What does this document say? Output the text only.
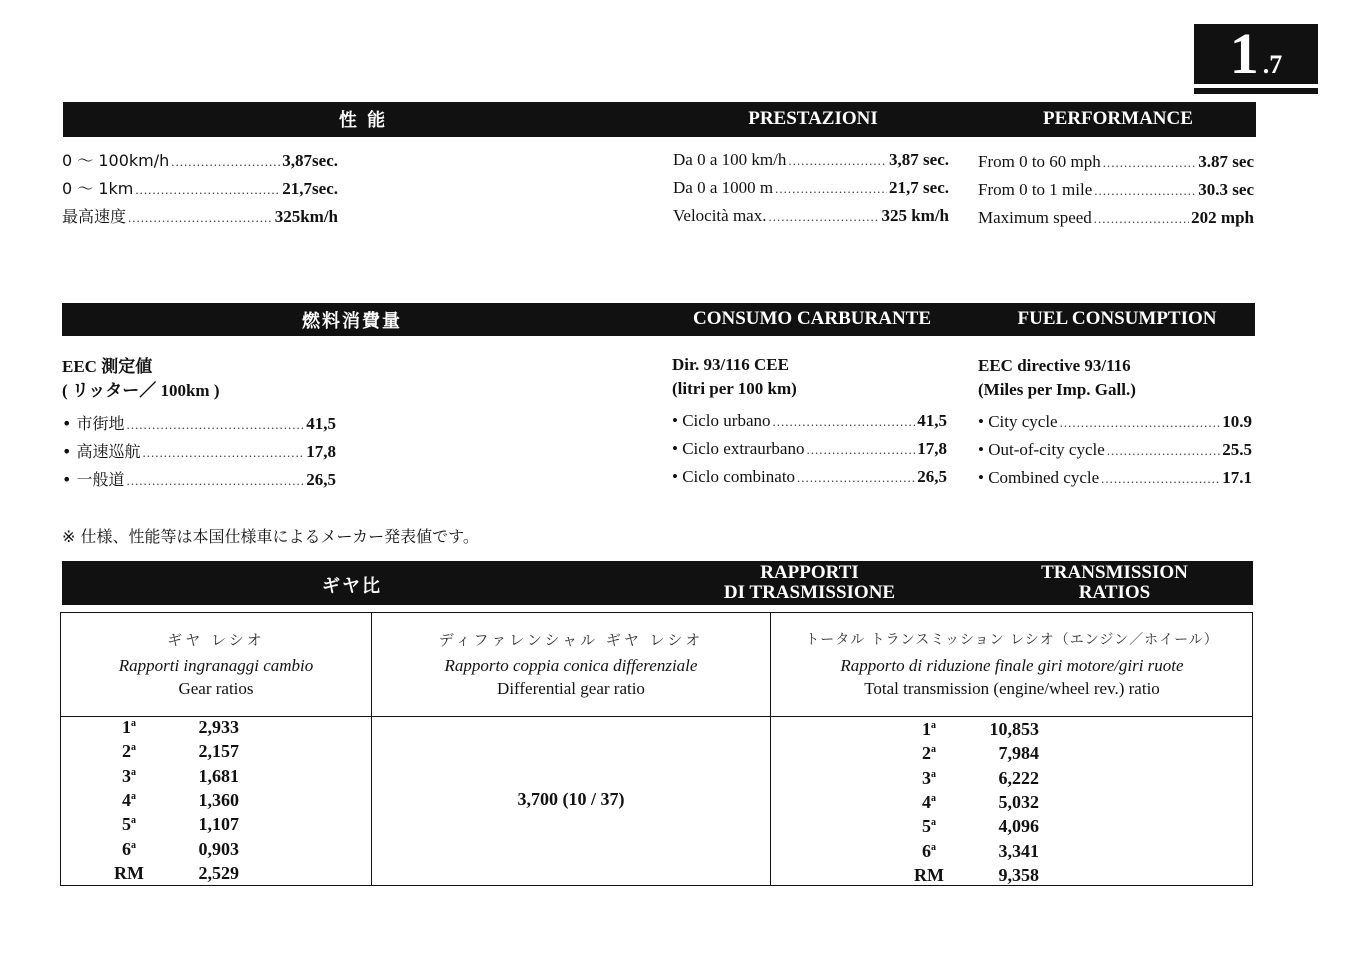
1 .7
性 能	PRESTAZIONI	PERFORMANCE
0 ～ 100km/h .....	3,87sec.
0 ～ 1km .....	21,7sec.
最高速度 .....	325km/h
Da 0 a 100 km/h .....	3,87 sec.
Da 0 a 1000 m .....	21,7 sec.
Velocità max. .....	325 km/h
From 0 to 60 mph .....	3.87 sec
From 0 to 1 mile .....	30.3 sec
Maximum speed .....	202 mph
燃料消費量	CONSUMO CARBURANTE	FUEL CONSUMPTION
EEC 測定値
( リッター／ 100km )
Dir. 93/116 CEE
(litri per 100 km)
EEC directive 93/116
(Miles per Imp. Gall.)
• 市街地 .....	41,5
• 高速巡航 .....	17,8
• 一般道 .....	26,5
• Ciclo urbano .....	41,5
• Ciclo extraurbano .....	17,8
• Ciclo combinato .....	26,5
• City cycle .....	10.9
• Out-of-city cycle .....	25.5
• Combined cycle .....	17.1
※ 仕様、性能等は本国仕様車によるメーカー発表値です。
ギヤ比
RAPPORTI
DI TRASMISSIONE
TRANSMISSION
RATIOS
ギヤ レシオ
Rapporti ingranaggi cambio
Gear ratios
ディファレンシャル ギヤ レシオ
Rapporto coppia conica differenziale
Differential gear ratio
トータル トランスミッション レシオ（エンジン／ホイール）
Rapporto di riduzione finale giri motore/giri ruote
Total transmission (engine/wheel rev.) ratio
1$^a$	2,933
2$^a$	2,157
3$^a$	1,681
4$^a$	1,360
5$^a$	1,107
6$^a$	0,903
RM	2,529
3,700 (10 / 37)
1$^a$	10,853
2$^a$	7,984
3$^a$	6,222
4$^a$	5,032
5$^a$	4,096
6$^a$	3,341
RM	9,358
